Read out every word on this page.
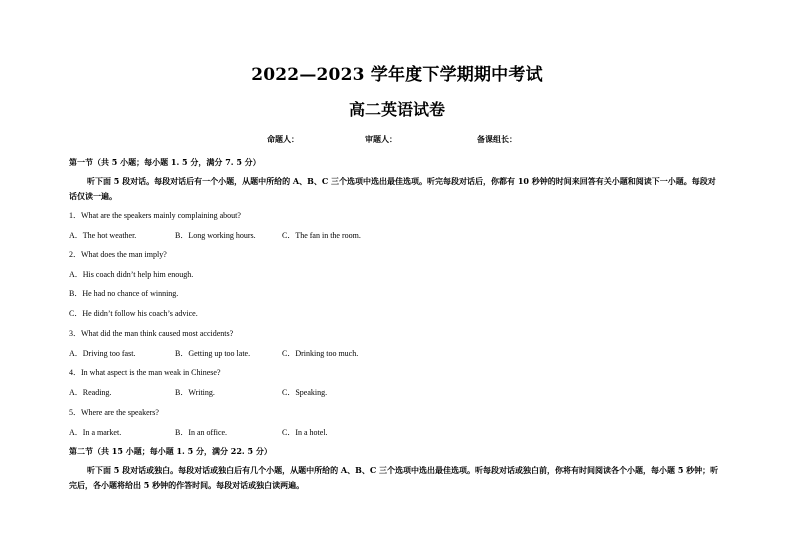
2022—2023 学年度下学期期中考试
高二英语试卷
命题人：	审题人：	备课组长：
第一节（共 5 小题；每小题 1. 5 分，满分 7. 5 分）
听下面 5 段对话。每段对话后有一个小题，从题中所给的 A、B、C 三个选项中选出最佳选项。听完每段对话后，你都有 10 秒钟的时间来回答有关小题和阅读下一小题。每段对话仅读一遍。
1．What are the speakers mainly complaining about?
A．The hot weather.	B．Long working hours.	C．The fan in the room.
2．What does the man imply?
A．His coach didn’t help him enough.
B．He had no chance of winning.
C．He didn’t follow his coach’s advice.
3．What did the man think caused most accidents?
A．Driving too fast.	B．Getting up too late.	C．Drinking too much.
4．In what aspect is the man weak in Chinese?
A．Reading.	B．Writing.	C．Speaking.
5．Where are the speakers?
A．In a market.	B．In an office.	C．In a hotel.
第二节（共 15 小题；每小题 1. 5 分，满分 22. 5 分）
听下面 5 段对话或独白。每段对话或独白后有几个小题，从题中所给的 A、B、C 三个选项中选出最佳选项。听每段对话或独白前，你将有时间阅读各个小题，每小题 5 秒钟；听完后，各小题将给出 5 秒钟的作答时间。每段对话或独白读两遍。
